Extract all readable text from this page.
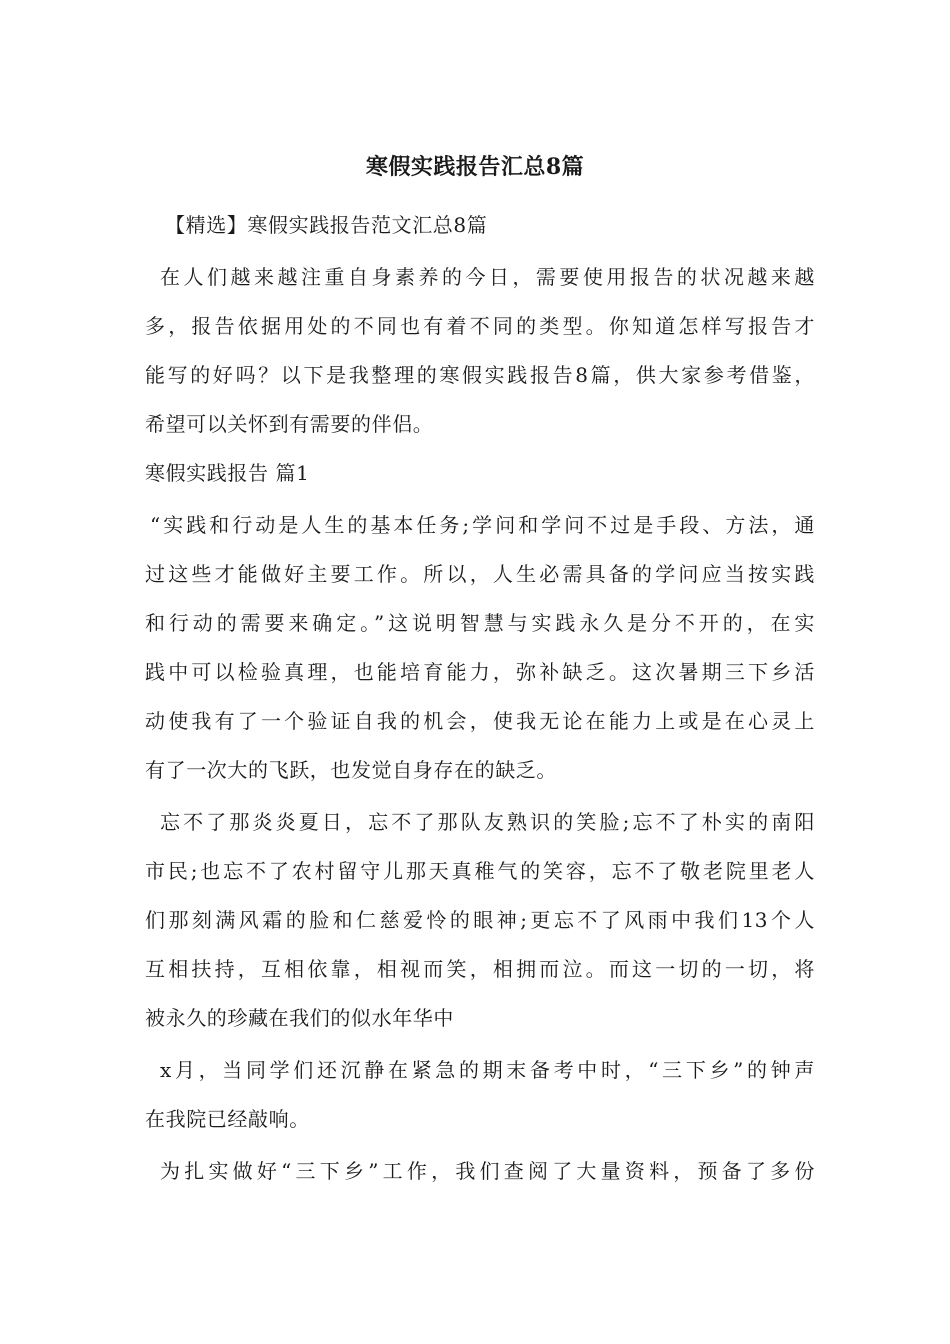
寒假实践报告汇总8篇
【精选】寒假实践报告范文汇总8篇
在人们越来越注重自身素养的今日，需要使用报告的状况越来越
多，报告依据用处的不同也有着不同的类型。你知道怎样写报告才
能写的好吗？以下是我整理的寒假实践报告8篇，供大家参考借鉴，
希望可以关怀到有需要的伴侣。
寒假实践报告 篇1
“实践和行动是人生的基本任务;学问和学问不过是手段、方法，通
过这些才能做好主要工作。所以，人生必需具备的学问应当按实践
和行动的需要来确定。”这说明智慧与实践永久是分不开的，在实
践中可以检验真理，也能培育能力，弥补缺乏。这次暑期三下乡活
动使我有了一个验证自我的机会，使我无论在能力上或是在心灵上
有了一次大的飞跃，也发觉自身存在的缺乏。
忘不了那炎炎夏日，忘不了那队友熟识的笑脸;忘不了朴实的南阳
市民;也忘不了农村留守儿那天真稚气的笑容，忘不了敬老院里老人
们那刻满风霜的脸和仁慈爱怜的眼神;更忘不了风雨中我们13个人
互相扶持，互相依靠，相视而笑，相拥而泣。而这一切的一切，将
被永久的珍藏在我们的似水年华中
x月，当同学们还沉静在紧急的期末备考中时，“三下乡”的钟声
在我院已经敲响。
为扎实做好“三下乡”工作，我们查阅了大量资料，预备了多份
